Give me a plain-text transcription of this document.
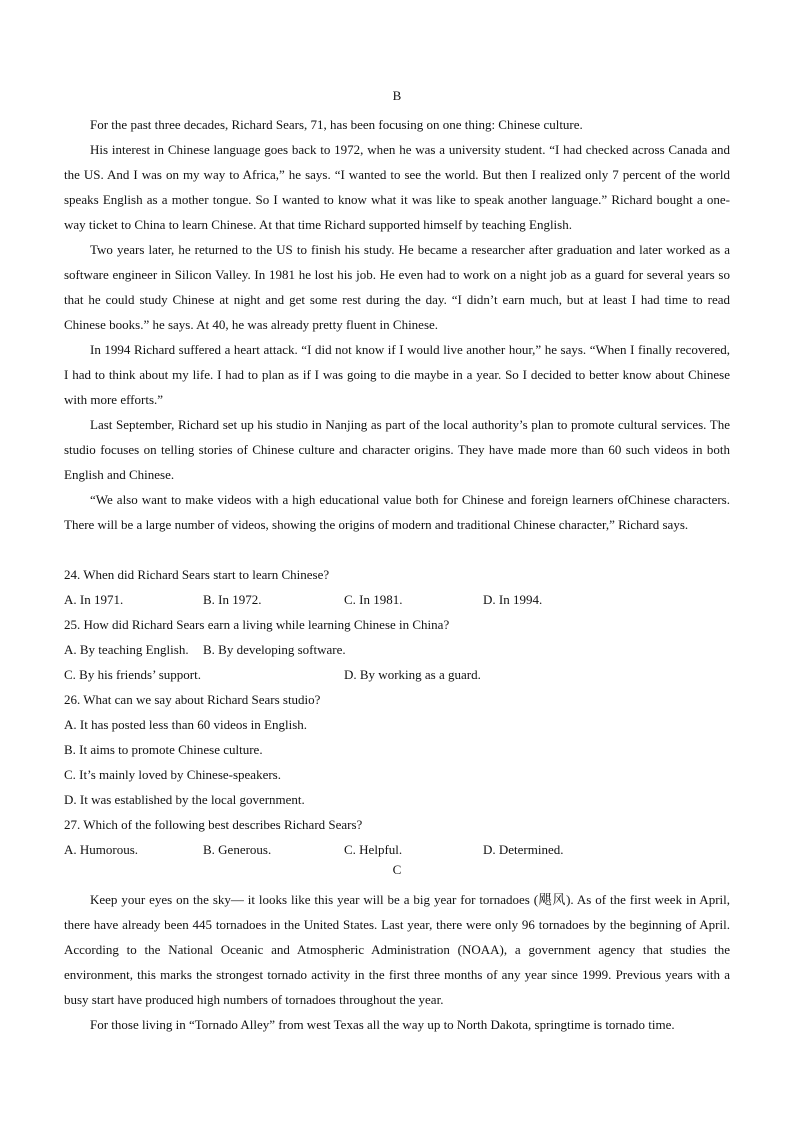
B

For the past three decades, Richard Sears, 71, has been focusing on one thing: Chinese culture.

His interest in Chinese language goes back to 1972, when he was a university student. “I had checked across Canada and the US. And I was on my way to Africa,” he says. “I wanted to see the world. But then I realized only 7 percent of the world speaks English as a mother tongue. So I wanted to know what it was like to speak another language.” Richard bought a one-way ticket to China to learn Chinese. At that time Richard supported himself by teaching English.

Two years later, he returned to the US to finish his study. He became a researcher after graduation and later worked as a software engineer in Silicon Valley. In 1981 he lost his job. He even had to work on a night job as a guard for several years so that he could study Chinese at night and get some rest during the day. “I didn’t earn much, but at least I had time to read Chinese books.” he says. At 40, he was already pretty fluent in Chinese.

In 1994 Richard suffered a heart attack. “I did not know if I would live another hour,” he says. “When I finally recovered, I had to think about my life. I had to plan as if I was going to die maybe in a year. So I decided to better know about Chinese with more efforts.”

Last September, Richard set up his studio in Nanjing as part of the local authority’s plan to promote cultural services. The studio focuses on telling stories of Chinese culture and character origins. They have made more than 60 such videos in both English and Chinese.

“We also want to make videos with a high educational value both for Chinese and foreign learners ofChinese characters. There will be a large number of videos, showing the origins of modern and traditional Chinese character,” Richard says.

24. When did Richard Sears start to learn Chinese?

A. In 1971.	B. In 1972.	C. In 1981.	D. In 1994.

25. How did Richard Sears earn a living while learning Chinese in China?

A. By teaching English. B. By developing software.
C. By his friends’ support.	D. By working as a guard.

26. What can we say about Richard Sears studio?

A. It has posted less than 60 videos in English.
B. It aims to promote Chinese culture.
C. It’s mainly loved by Chinese-speakers.
D. It was established by the local government.

27. Which of the following best describes Richard Sears?

A. Humorous.	B. Generous.	C. Helpful.	D. Determined.
C

Keep your eyes on the sky— it looks like this year will be a big year for tornadoes (飓风). As of the first week in April, there have already been 445 tornadoes in the United States. Last year, there were only 96 tornadoes by the beginning of April. According to the National Oceanic and Atmospheric Administration (NOAA), a government agency that studies the environment, this marks the strongest tornado activity in the first three months of any year since 1999. Previous years with a busy start have produced high numbers of tornadoes throughout the year.

For those living in “Tornado Alley” from west Texas all the way up to North Dakota, springtime is tornado time.
